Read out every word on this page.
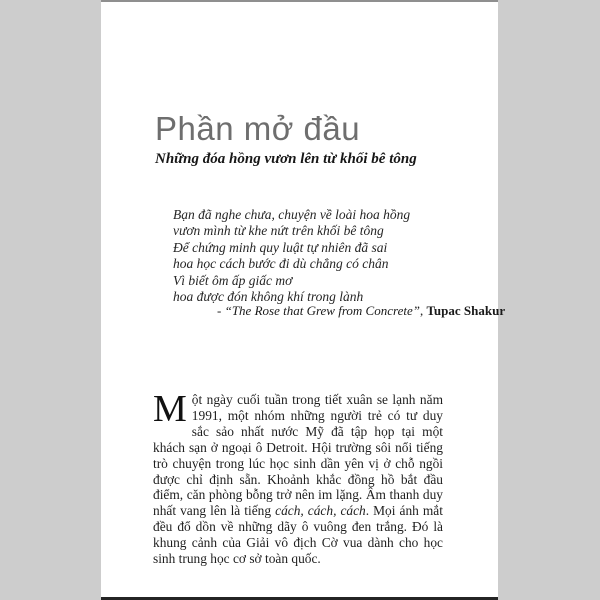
Phần mở đầu
Những đóa hồng vươn lên từ khối bê tông
Bạn đã nghe chưa, chuyện về loài hoa hồng
vươn mình từ khe nứt trên khối bê tông
Để chứng minh quy luật tự nhiên đã sai
hoa học cách bước đi dù chẳng có chân
Vì biết ôm ấp giấc mơ
hoa được đón không khí trong lành
- “The Rose that Grew from Concrete”, Tupac Shakur
Một ngày cuối tuần trong tiết xuân se lạnh năm 1991, một nhóm những người trẻ có tư duy sắc sảo nhất nước Mỹ đã tập họp tại một khách sạn ở ngoại ô Detroit. Hội trường sôi nổi tiếng trò chuyện trong lúc học sinh dần yên vị ở chỗ ngồi được chỉ định sẵn. Khoảnh khắc đồng hồ bắt đầu điểm, căn phòng bỗng trở nên im lặng. Âm thanh duy nhất vang lên là tiếng cách, cách, cách. Mọi ánh mắt đều đổ dồn về những dãy ô vuông đen trắng. Đó là khung cảnh của Giải vô địch Cờ vua dành cho học sinh trung học cơ sở toàn quốc.
